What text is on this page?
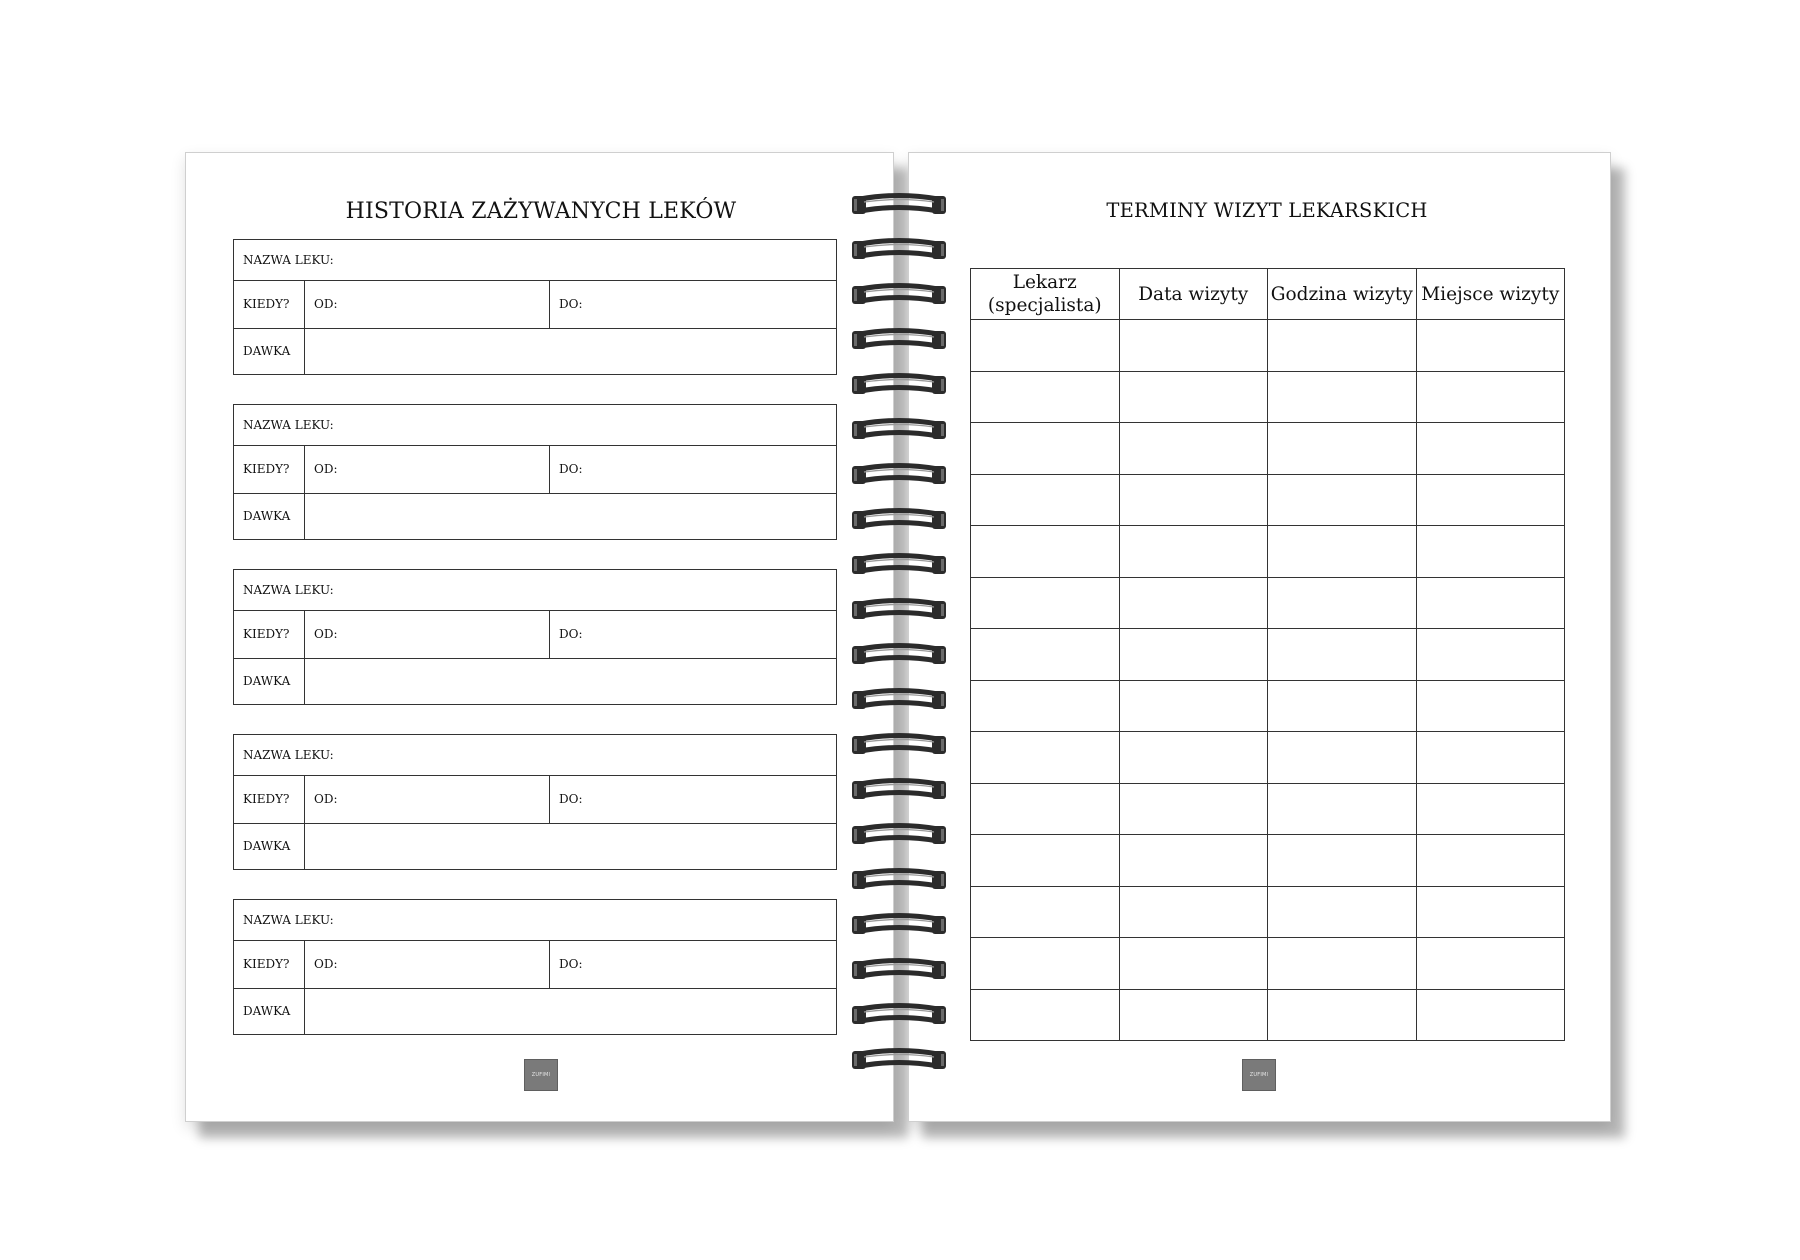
HISTORIA ZAŻYWANYCH LEKÓW
NAZWA LEKU:
KIEDY?	OD:	DO:
DAWKA
NAZWA LEKU:
KIEDY?	OD:	DO:
DAWKA
NAZWA LEKU:
KIEDY?	OD:	DO:
DAWKA
NAZWA LEKU:
KIEDY?	OD:	DO:
DAWKA
NAZWA LEKU:
KIEDY?	OD:	DO:
DAWKA
ZUFIMI
TERMINY WIZYT LEKARSKICH
Lekarz (specjalista)	Data wizyty	Godzina wizyty	Miejsce wizyty

ZUFIMI
